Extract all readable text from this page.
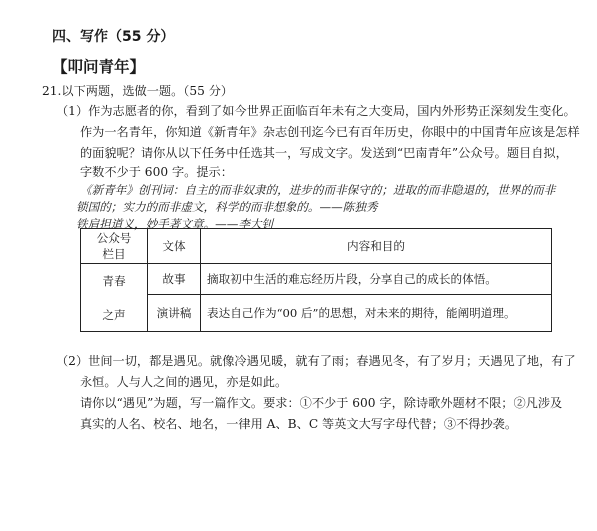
四、写作（55 分）
【叩问青年】
21.以下两题，选做一题。（55 分）
（1）作为志愿者的你，看到了如今世界正面临百年未有之大变局，国内外形势正深刻发生变化。
作为一名青年，你知道《新青年》杂志创刊迄今已有百年历史，你眼中的中国青年应该是怎样
的面貌呢？请你从以下任务中任选其一，写成文字。发送到“巴南青年”公众号。题目自拟，
字数不少于 600 字。提示：
《新青年》创刊词：自主的而非奴隶的，进步的而非保守的；进取的而非隐退的，世界的而非
锁国的；实力的而非虚文，科学的而非想象的。——陈独秀
铁肩担道义，妙手著文章。——李大钊
公众号
栏目	文体	内容和目的

青春
之声	故事	摘取初中生活的难忘经历片段，分享自己的成长的体悟。
	演讲稿	表达自己作为“00 后”的思想，对未来的期待，能阐明道理。
（2）世间一切，都是遇见。就像冷遇见暖，就有了雨；春遇见冬，有了岁月；天遇见了地，有了
永恒。人与人之间的遇见，亦是如此。
请你以“遇见”为题，写一篇作文。要求：①不少于 600 字，除诗歌外题材不限；②凡涉及
真实的人名、校名、地名，一律用 A、B、C 等英文大写字母代替；③不得抄袭。
